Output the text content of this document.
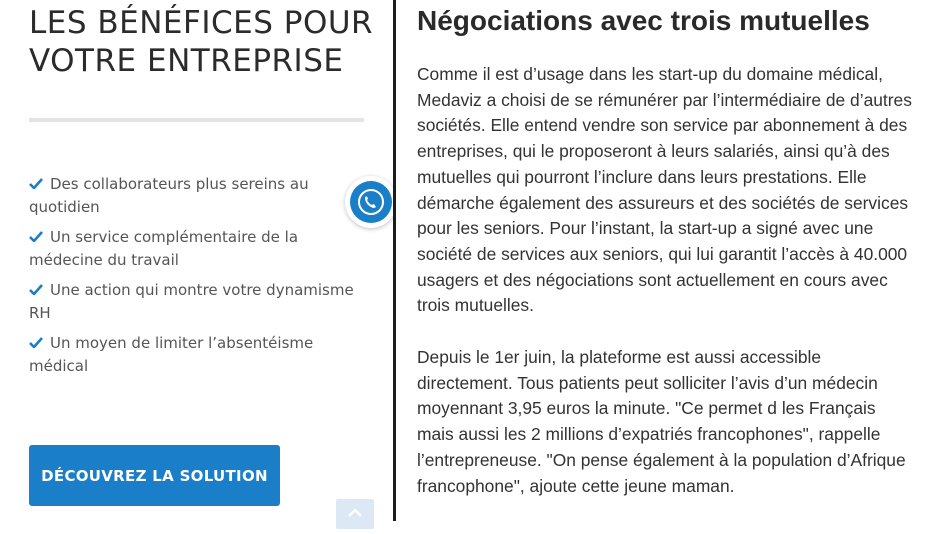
LES BÉNÉFICES POUR VOTRE ENTREPRISE
Des collaborateurs plus sereins au quotidien
Un service complémentaire de la médecine du travail
Une action qui montre votre dynamisme RH
Un moyen de limiter l’absentéisme médical
DÉCOUVREZ LA SOLUTION
Négociations avec trois mutuelles

Comme il est d’usage dans les start-up du domaine médical, Medaviz a choisi de se rémunérer par l’intermédiaire de d’autres sociétés. Elle entend vendre son service par abonnement à des entreprises, qui le proposeront à leurs salariés, ainsi qu’à des mutuelles qui pourront l’inclure dans leurs prestations. Elle démarche également des assureurs et des sociétés de services pour les seniors. Pour l’instant, la start-up a signé avec une société de services aux seniors, qui lui garantit l’accès à 40.000 usagers et des négociations sont actuellement en cours avec trois mutuelles.

Depuis le 1er juin, la plateforme est aussi accessible directement. Tous patients peut solliciter l’avis d’un médecin moyennant 3,95 euros la minute. "Ce permet d les Français mais aussi les 2 millions d’expatriés francophones", rappelle l’entrepreneuse. "On pense également à la population d’Afrique francophone", ajoute cette jeune maman.
